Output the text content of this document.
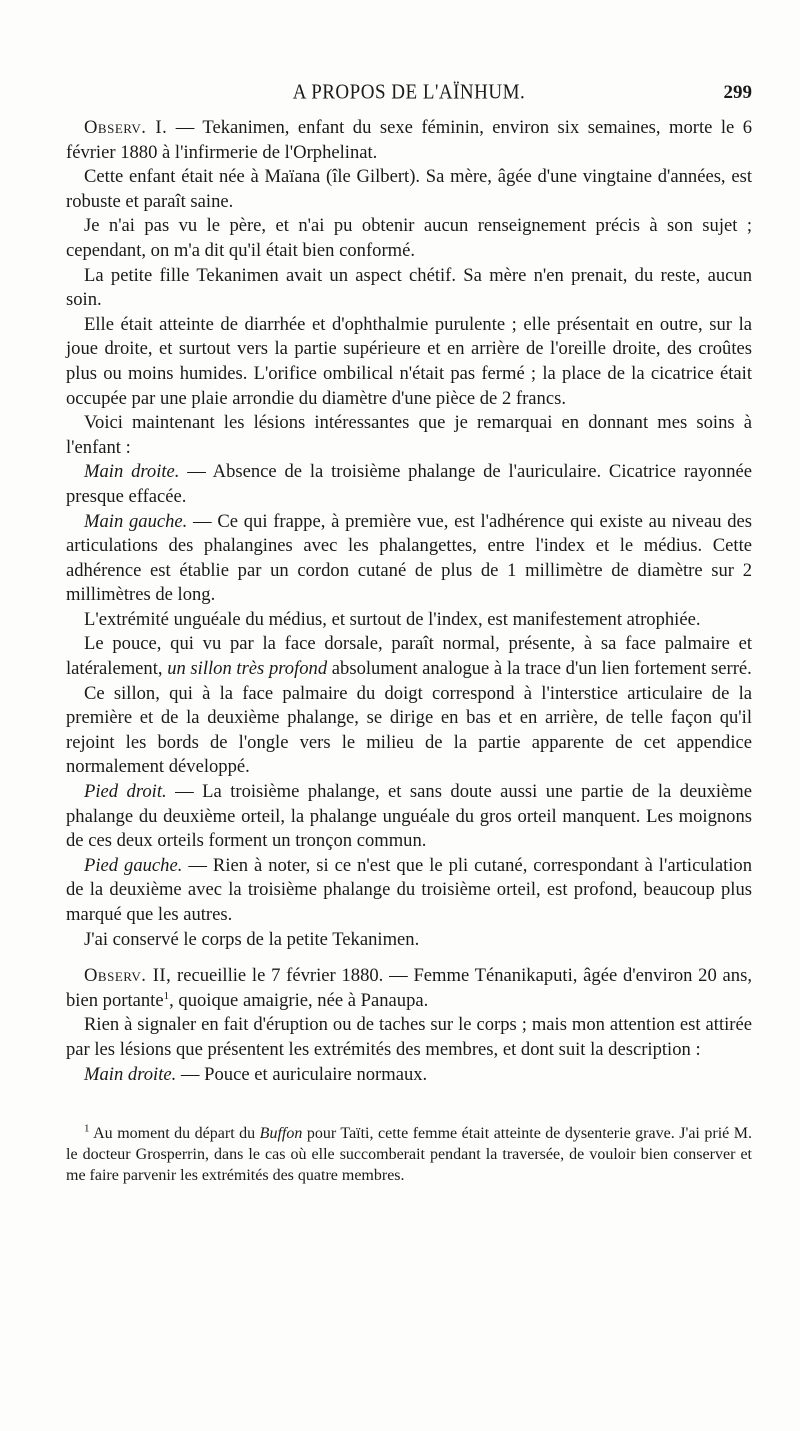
A PROPOS DE L'AÏNHUM.	299

Observ. I. — Tekanimen, enfant du sexe féminin, environ six semaines, morte le 6 février 1880 à l'infirmerie de l'Orphelinat.

Cette enfant était née à Maïana (île Gilbert). Sa mère, âgée d'une vingtaine d'années, est robuste et paraît saine.

Je n'ai pas vu le père, et n'ai pu obtenir aucun renseignement précis à son sujet ; cependant, on m'a dit qu'il était bien conformé.

La petite fille Tekanimen avait un aspect chétif. Sa mère n'en prenait, du reste, aucun soin.

Elle était atteinte de diarrhée et d'ophthalmie purulente ; elle présentait en outre, sur la joue droite, et surtout vers la partie supérieure et en arrière de l'oreille droite, des croûtes plus ou moins humides. L'orifice ombilical n'était pas fermé ; la place de la cicatrice était occupée par une plaie arrondie du diamètre d'une pièce de 2 francs.

Voici maintenant les lésions intéressantes que je remarquai en donnant mes soins à l'enfant :

Main droite. — Absence de la troisième phalange de l'auriculaire. Cicatrice rayonnée presque effacée.

Main gauche. — Ce qui frappe, à première vue, est l'adhérence qui existe au niveau des articulations des phalangines avec les phalangettes, entre l'index et le médius. Cette adhérence est établie par un cordon cutané de plus de 1 millimètre de diamètre sur 2 millimètres de long.

L'extrémité unguéale du médius, et surtout de l'index, est manifestement atrophiée.

Le pouce, qui vu par la face dorsale, paraît normal, présente, à sa face palmaire et latéralement, un sillon très profond absolument analogue à la trace d'un lien fortement serré.

Ce sillon, qui à la face palmaire du doigt correspond à l'interstice articulaire de la première et de la deuxième phalange, se dirige en bas et en arrière, de telle façon qu'il rejoint les bords de l'ongle vers le milieu de la partie apparente de cet appendice normalement développé.

Pied droit. — La troisième phalange, et sans doute aussi une partie de la deuxième phalange du deuxième orteil, la phalange unguéale du gros orteil manquent. Les moignons de ces deux orteils forment un tronçon commun.

Pied gauche. — Rien à noter, si ce n'est que le pli cutané, correspondant à l'articulation de la deuxième avec la troisième phalange du troisième orteil, est profond, beaucoup plus marqué que les autres.

J'ai conservé le corps de la petite Tekanimen.

Observ. II, recueillie le 7 février 1880. — Femme Ténanikaputi, âgée d'environ 20 ans, bien portante$^1$, quoique amaigrie, née à Panaupa.

Rien à signaler en fait d'éruption ou de taches sur le corps ; mais mon attention est attirée par les lésions que présentent les extrémités des membres, et dont suit la description :

Main droite. — Pouce et auriculaire normaux.

$^1$ Au moment du départ du Buffon pour Taïti, cette femme était atteinte de dysenterie grave. J'ai prié M. le docteur Grosperrin, dans le cas où elle succomberait pendant la traversée, de vouloir bien conserver et me faire parvenir les extrémités des quatre membres.
